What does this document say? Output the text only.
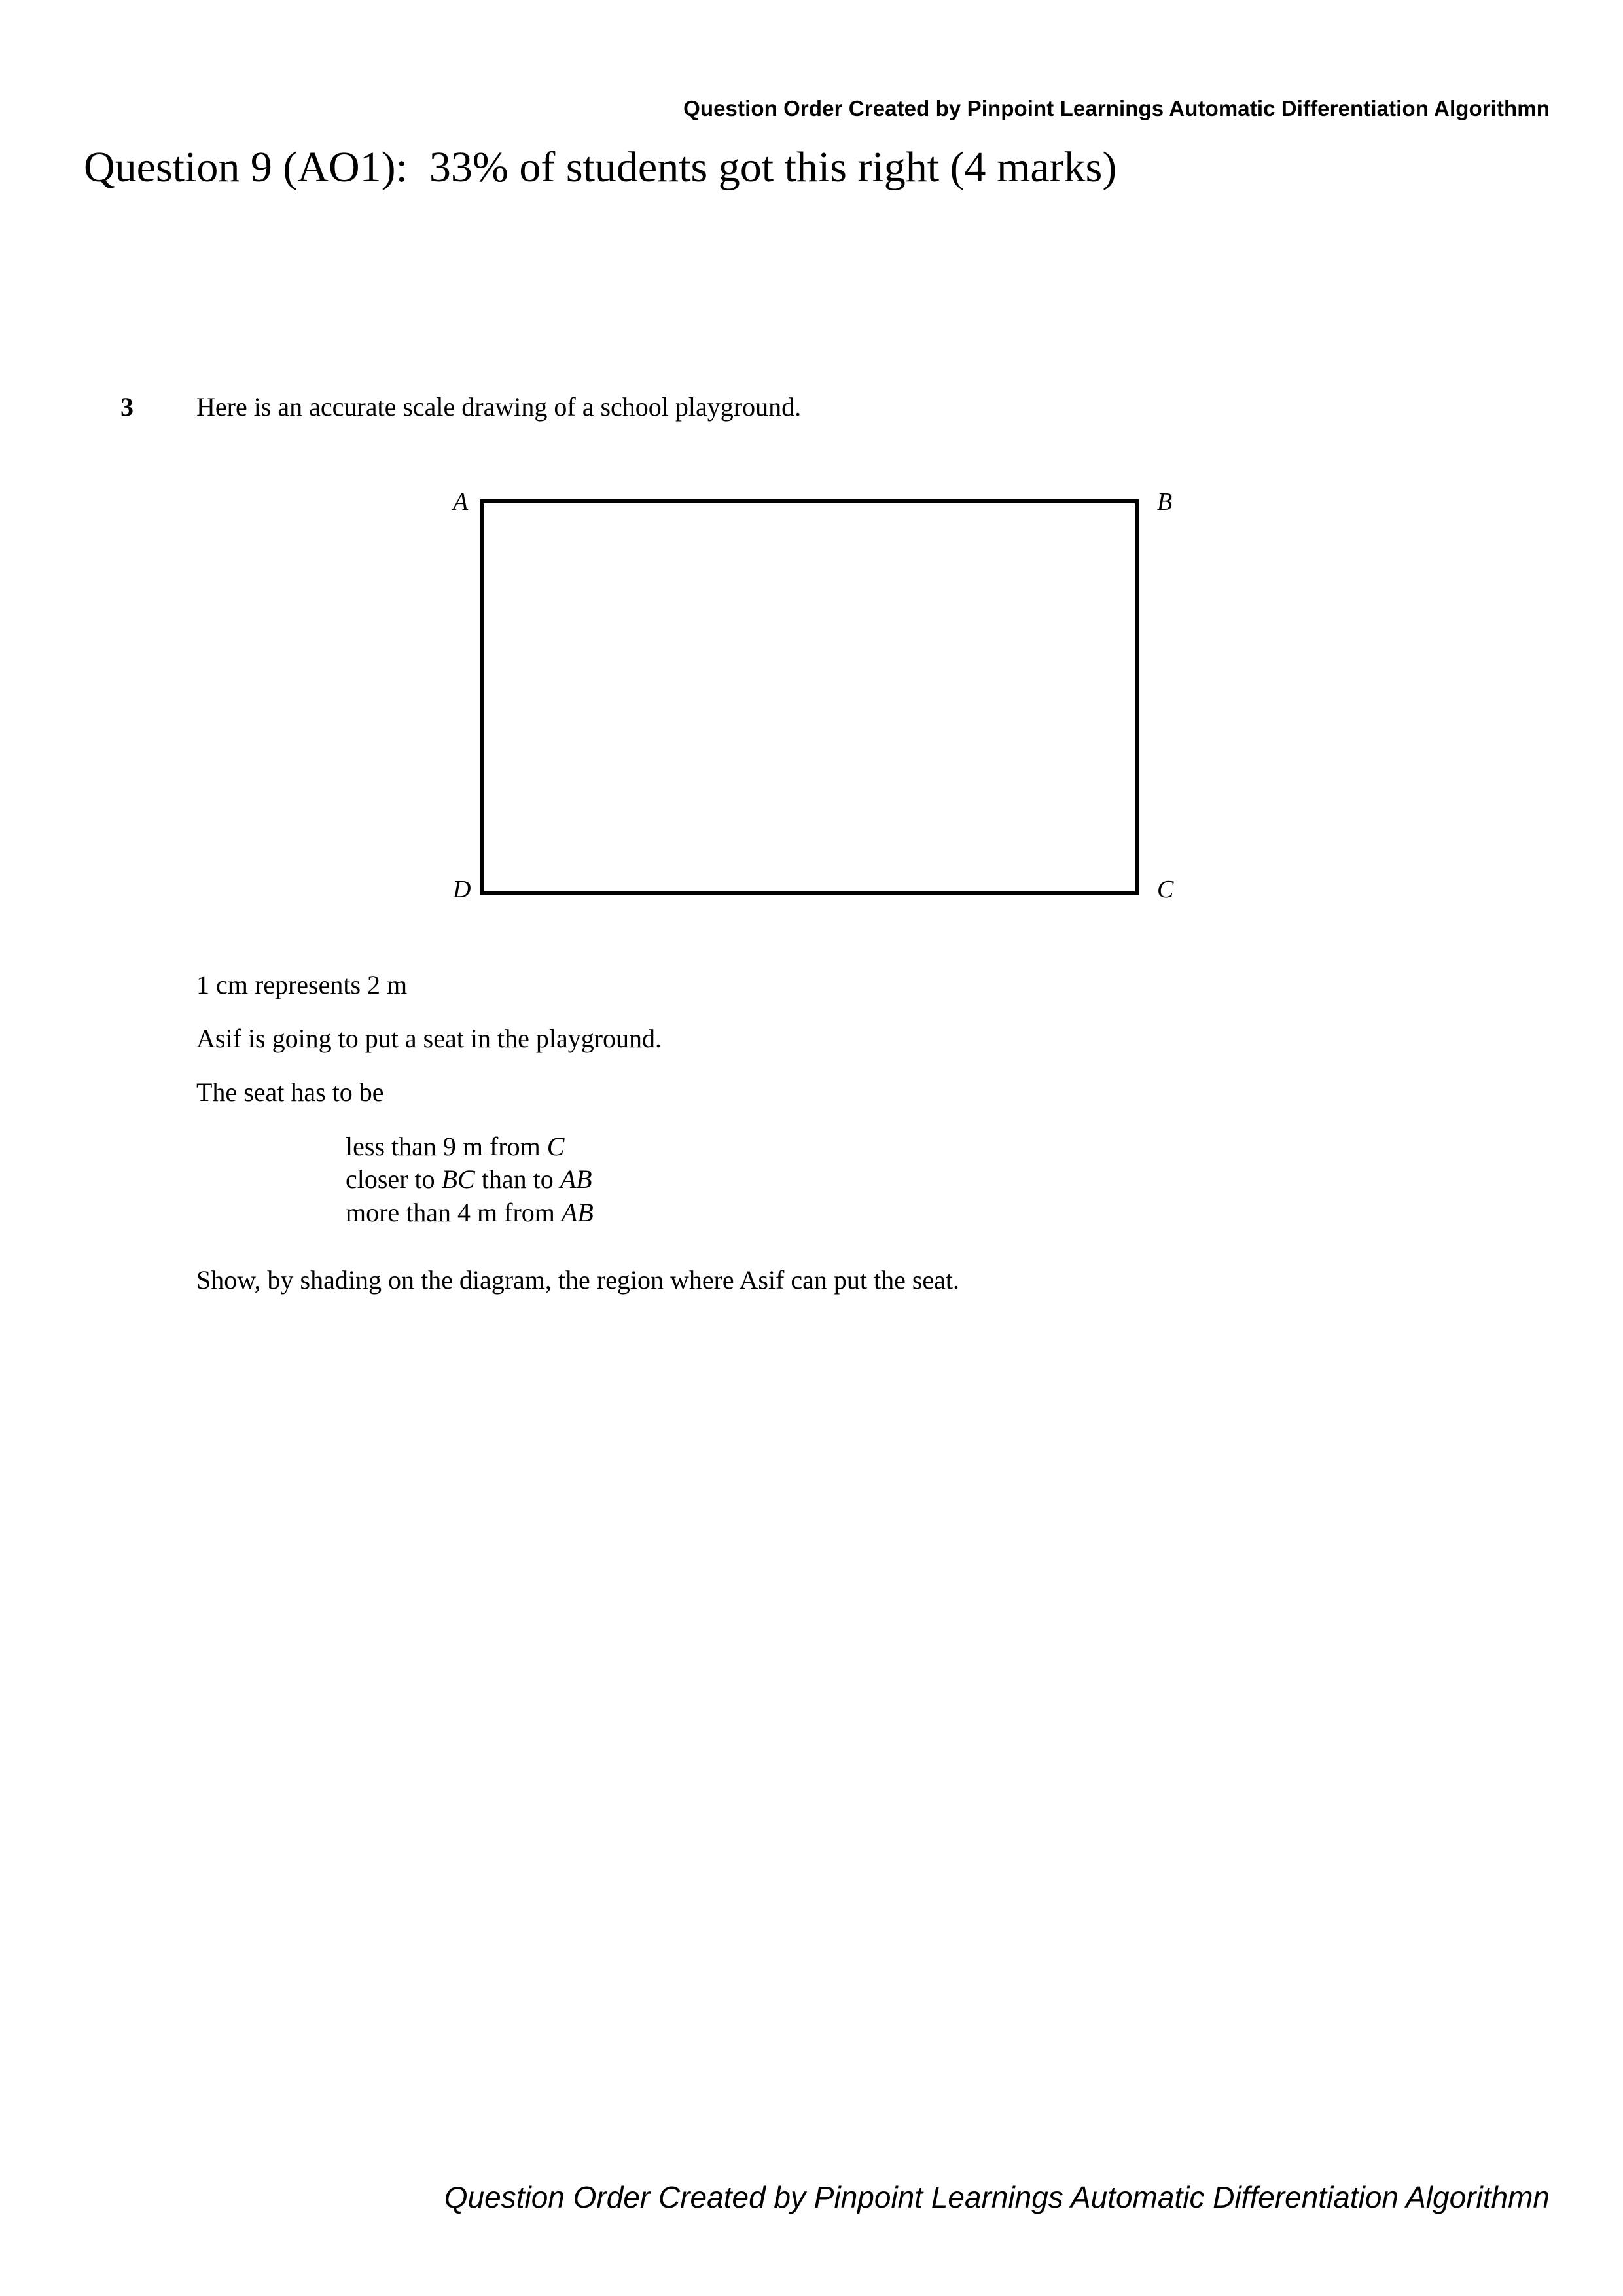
Question Order Created by Pinpoint Learnings Automatic Differentiation Algorithmn
Question 9 (AO1):  33% of students got this right (4 marks)
3 Here is an accurate scale drawing of a school playground.
A	B
D	C
1 cm represents 2 m
Asif is going to put a seat in the playground.
The seat has to be
less than 9 m from C
closer to BC than to AB
more than 4 m from AB
Show, by shading on the diagram, the region where Asif can put the seat.
Question Order Created by Pinpoint Learnings Automatic Differentiation Algorithmn
